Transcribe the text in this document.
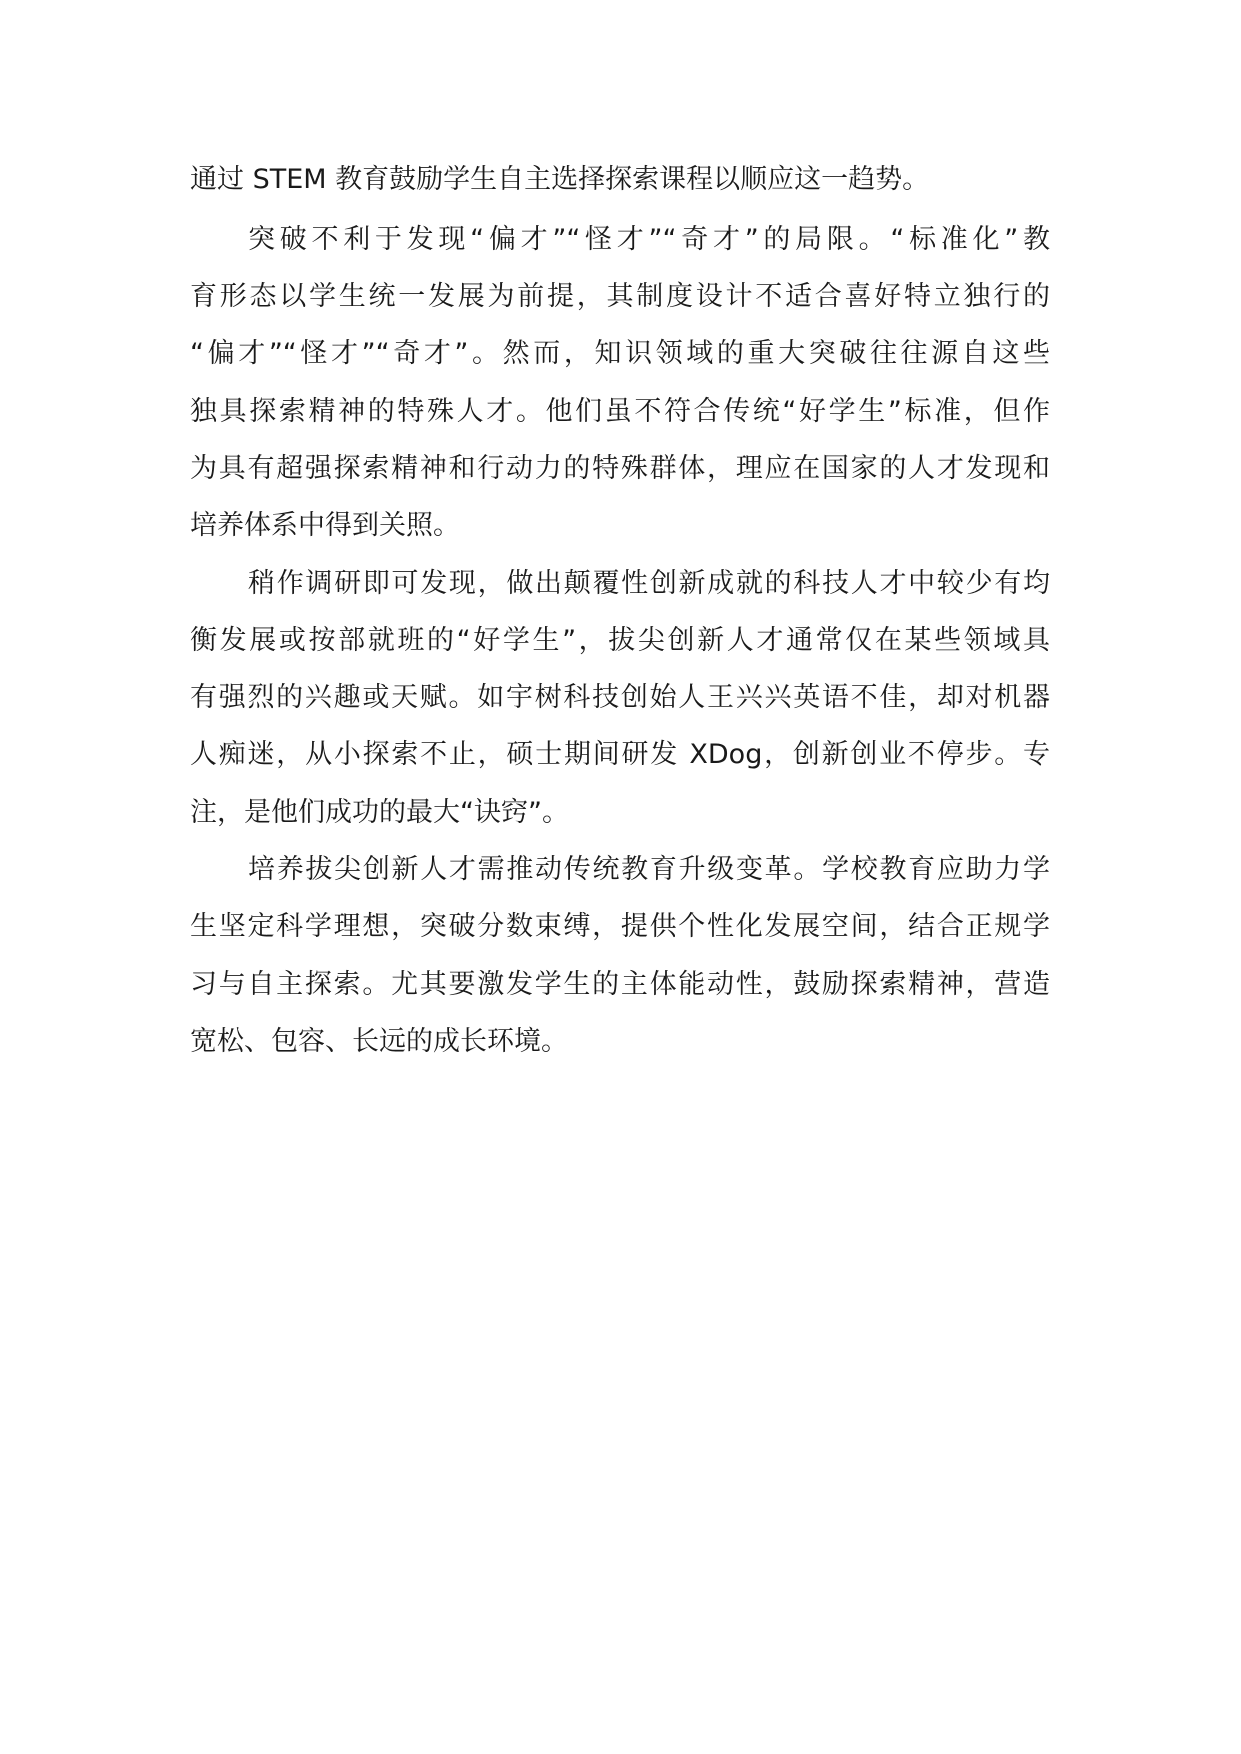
通过 STEM 教育鼓励学生自主选择探索课程以顺应这一趋势。
突破不利于发现“偏才”“怪才”“奇才”的局限。“标准化”教
育形态以学生统一发展为前提，其制度设计不适合喜好特立独行的
“偏才”“怪才”“奇才”。然而，知识领域的重大突破往往源自这些
独具探索精神的特殊人才。他们虽不符合传统“好学生”标准，但作
为具有超强探索精神和行动力的特殊群体，理应在国家的人才发现和
培养体系中得到关照。
稍作调研即可发现，做出颠覆性创新成就的科技人才中较少有均
衡发展或按部就班的“好学生”，拔尖创新人才通常仅在某些领域具
有强烈的兴趣或天赋。如宇树科技创始人王兴兴英语不佳，却对机器
人痴迷，从小探索不止，硕士期间研发 XDog，创新创业不停步。专
注，是他们成功的最大“诀窍”。
培养拔尖创新人才需推动传统教育升级变革。学校教育应助力学
生坚定科学理想，突破分数束缚，提供个性化发展空间，结合正规学
习与自主探索。尤其要激发学生的主体能动性，鼓励探索精神，营造
宽松、包容、长远的成长环境。
